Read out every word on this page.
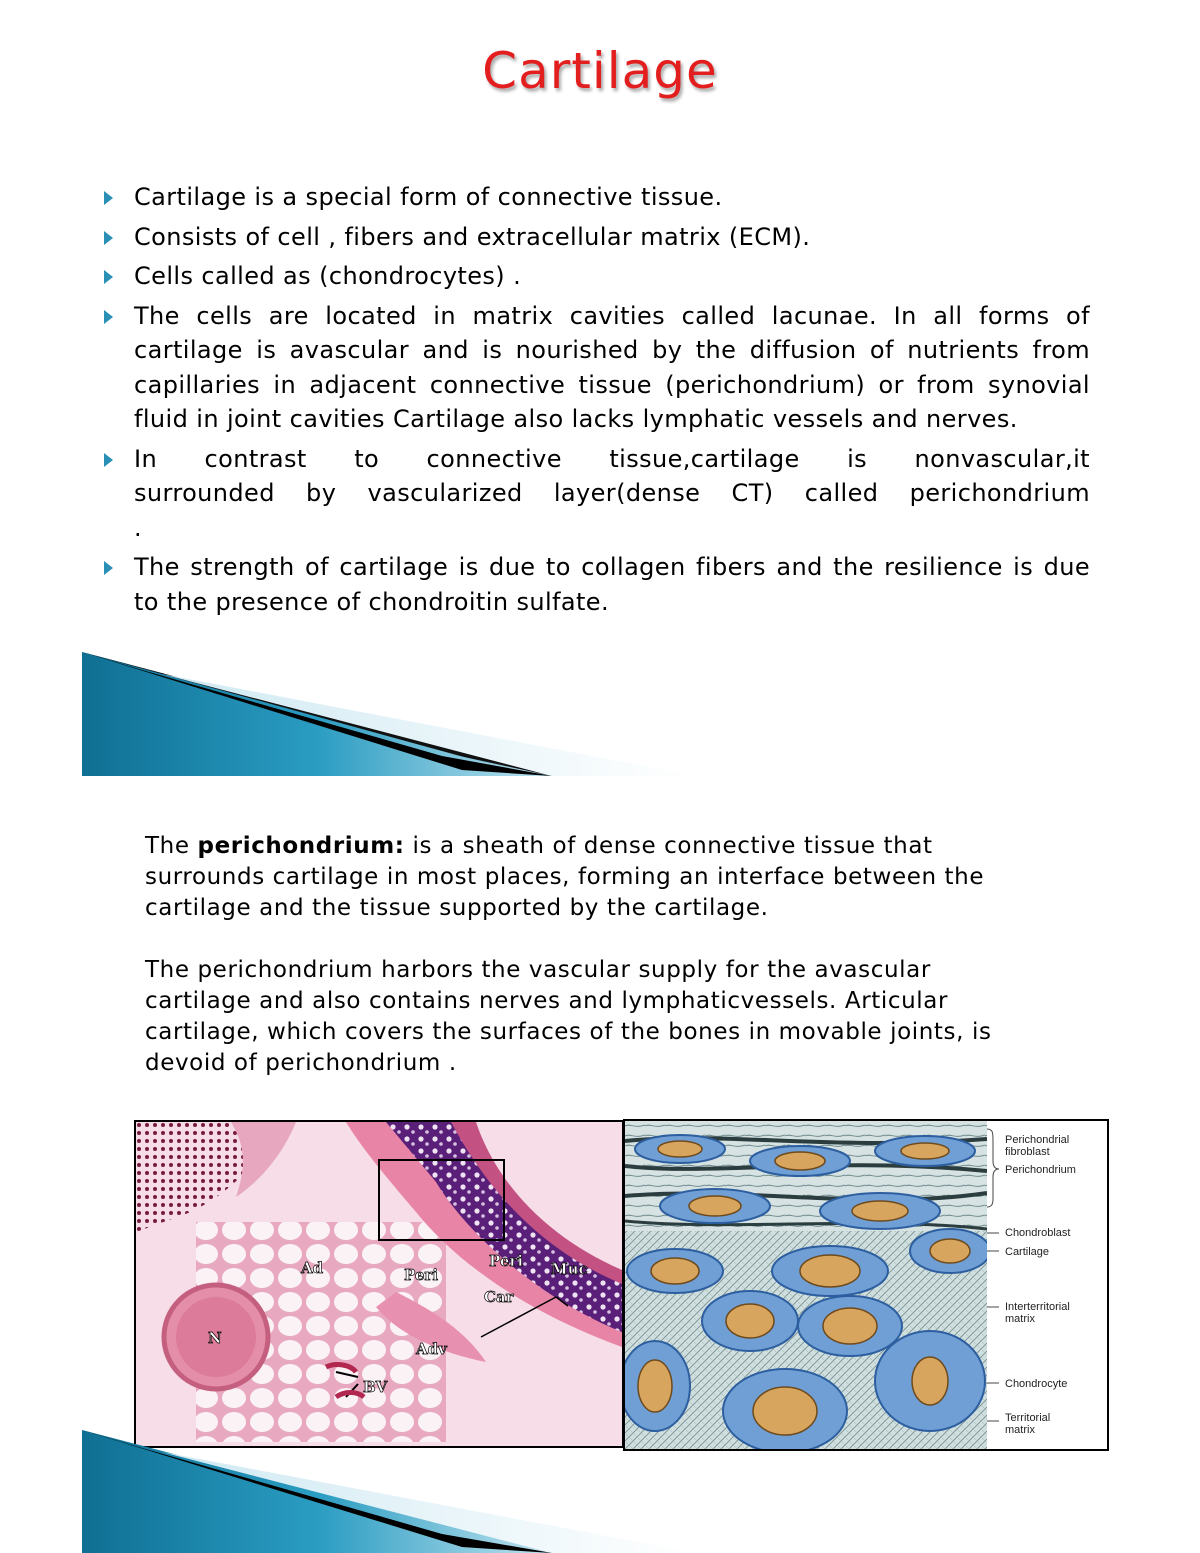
Cartilage
Cartilage is a special form of connective tissue.
Consists of cell , fibers and extracellular matrix (ECM).
Cells called as (chondrocytes) .
The cells are located in matrix cavities called lacunae. In all forms of cartilage is avascular and is nourished by the diffusion of nutrients from capillaries in adjacent connective tissue (perichondrium) or from synovial fluid in joint cavities Cartilage also lacks lymphatic vessels and nerves.
In contrast to connective tissue,cartilage is nonvascular,it surrounded by vascularized layer(dense CT) called perichondrium .
The strength of cartilage is due to collagen fibers and the resilience is due to the presence of chondroitin sulfate.

The perichondrium: is a sheath of dense connective tissue that surrounds cartilage in most places, forming an interface between the cartilage and the tissue supported by the cartilage.

The perichondrium harbors the vascular supply for the avascular cartilage and also contains nerves and lymphaticvessels. Articular cartilage, which covers the surfaces of the bones in movable joints, is devoid of perichondrium .

Ad	Peri
Peri Muc
Car
N
Adv
BV
Perichondrial
fibroblast
Perichondrium
Chondroblast
Cartilage
Interterritorial
matrix
Chondrocyte
Territorial
matrix
